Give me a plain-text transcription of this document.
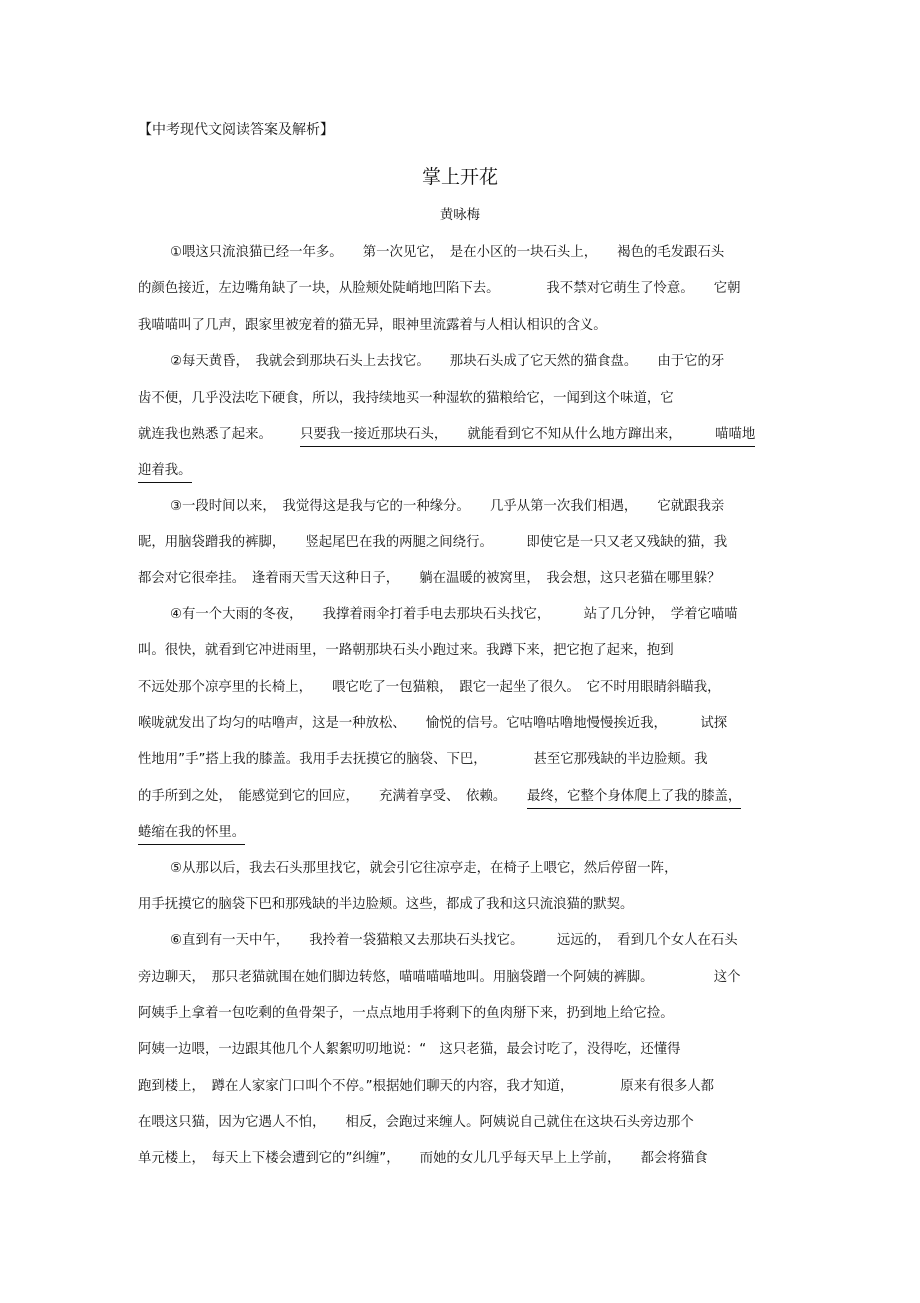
【中考现代文阅读答案及解析】
掌上开花
黄咏梅
①喂这只流浪猫已经一年多。　　第一次见它，　是在小区的一块石头上，　　褐色的毛发跟石头
的颜色接近，左边嘴角缺了一块，从脸颊处陡峭地凹陷下去。　　　　我不禁对它萌生了怜意。　　它朝
我喵喵叫了几声，跟家里被宠着的猫无异，眼神里流露着与人相认相识的含义。
②每天黄昏，　我就会到那块石头上去找它。　　那块石头成了它天然的猫食盘。　　由于它的牙
齿不便，几乎没法吃下硬食，所以，我持续地买一种湿软的猫粮给它，一闻到这个味道，它
就连我也熟悉了起来。 只要我一接近那块石头，　　就能看到它不知从什么地方蹿出来，　　　喵喵地
迎着我。
③一段时间以来，　我觉得这是我与它的一种缘分。　　几乎从第一次我们相遇，　　它就跟我亲
昵，用脑袋蹭我的裤脚，　　竖起尾巴在我的两腿之间绕行。　　　即使它是一只又老又残缺的猫，我
都会对它很牵挂。　逢着雨天雪天这种日子，　　躺在温暖的被窝里，　我会想，这只老猫在哪里躲？
④有一个大雨的冬夜，　　我撑着雨伞打着手电去那块石头找它，　　　站了几分钟，　学着它喵喵
叫。很快，就看到它冲进雨里，一路朝那块石头小跑过来。我蹲下来，把它抱了起来，抱到
不远处那个凉亭里的长椅上，　　喂它吃了一包猫粮，　跟它一起坐了很久。　它不时用眼睛斜瞄我，
喉咙就发出了均匀的咕噜声，这是一种放松、　　愉悦的信号。它咕噜咕噜地慢慢挨近我，　　　试探
性地用”手”搭上我的膝盖。我用手去抚摸它的脑袋、下巴，　　　　甚至它那残缺的半边脸颊。我
的手所到之处，　能感觉到它的回应，　　充满着享受、　依赖。 最终，它整个身体爬上了我的膝盖，
蜷缩在我的怀里。
⑤从那以后，我去石头那里找它，就会引它往凉亭走，在椅子上喂它，然后停留一阵，
用手抚摸它的脑袋下巴和那残缺的半边脸颊。这些，都成了我和这只流浪猫的默契。
⑥直到有一天中午，　　我拎着一袋猫粮又去那块石头找它。　　　远远的，　看到几个女人在石头
旁边聊天，　那只老猫就围在她们脚边转悠，喵喵喵喵地叫。用脑袋蹭一个阿姨的裤脚。　　　　　这个
阿姨手上拿着一包吃剩的鱼骨架子，一点点地用手将剩下的鱼肉掰下来，扔到地上给它捡。
阿姨一边喂，一边跟其他几个人絮絮叨叨地说：“　这只老猫，最会讨吃了，没得吃，还懂得
跑到楼上，　蹲在人家家门口叫个不停。”根据她们聊天的内容，我才知道，　　　　原来有很多人都
在喂这只猫，因为它遇人不怕，　　相反，会跑过来缠人。阿姨说自己就住在这块石头旁边那个
单元楼上，　每天上下楼会遭到它的”纠缠”，　　而她的女儿几乎每天早上上学前，　　都会将猫食
